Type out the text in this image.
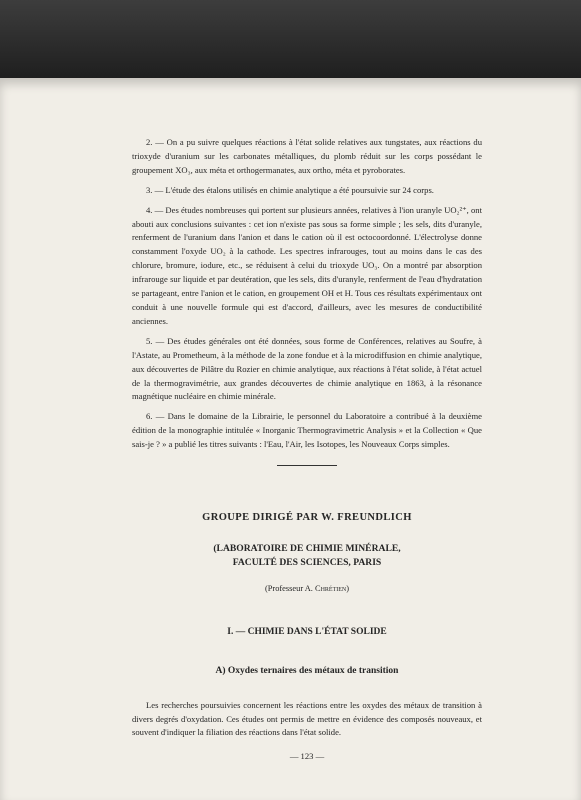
2. — On a pu suivre quelques réactions à l'état solide relatives aux tungstates, aux réactions du trioxyde d'uranium sur les carbonates métalliques, du plomb réduit sur les corps possédant le groupement XO₃, aux méta et orthogermanates, aux ortho, méta et pyroborates.

3. — L'étude des étalons utilisés en chimie analytique a été poursuivie sur 24 corps.

4. — Des études nombreuses qui portent sur plusieurs années, relatives à l'ion uranyle UO₂²⁺, ont abouti aux conclusions suivantes : cet ion n'existe pas sous sa forme simple ; les sels, dits d'uranyle, renferment de l'uranium dans l'anion et dans le cation où il est octocoordonné. L'électrolyse donne constamment l'oxyde UO₂ à la cathode. Les spectres infrarouges, tout au moins dans le cas des chlorure, bromure, iodure, etc., se réduisent à celui du trioxyde UO₃. On a montré par absorption infrarouge sur liquide et par deutération, que les sels, dits d'uranyle, renferment de l'eau d'hydratation se partageant, entre l'anion et le cation, en groupement OH et H. Tous ces résultats expérimentaux ont conduit à une nouvelle formule qui est d'accord, d'ailleurs, avec les mesures de conductibilité anciennes.

5. — Des études générales ont été données, sous forme de Conférences, relatives au Soufre, à l'Astate, au Prometheum, à la méthode de la zone fondue et à la microdiffusion en chimie analytique, aux découvertes de Pilâtre du Rozier en chimie analytique, aux réactions à l'état solide, à l'état actuel de la thermogravimétrie, aux grandes découvertes de chimie analytique en 1863, à la résonance magnétique nucléaire en chimie minérale.

6. — Dans le domaine de la Librairie, le personnel du Laboratoire a contribué à la deuxième édition de la monographie intitulée « Inorganic Thermogravimetric Analysis » et la Collection « Que sais-je ? » a publié les titres suivants : l'Eau, l'Air, les Isotopes, les Nouveaux Corps simples.

GROUPE DIRIGÉ PAR W. FREUNDLICH
(LABORATOIRE DE CHIMIE MINÉRALE,
FACULTÉ DES SCIENCES, PARIS
(Professeur A. Chrétien)
I. — CHIMIE DANS L'ÉTAT SOLIDE
A) Oxydes ternaires des métaux de transition

Les recherches poursuivies concernent les réactions entre les oxydes des métaux de transition à divers degrés d'oxydation. Ces études ont permis de mettre en évidence des composés nouveaux, et souvent d'indiquer la filiation des réactions dans l'état solide.

— 123 —
